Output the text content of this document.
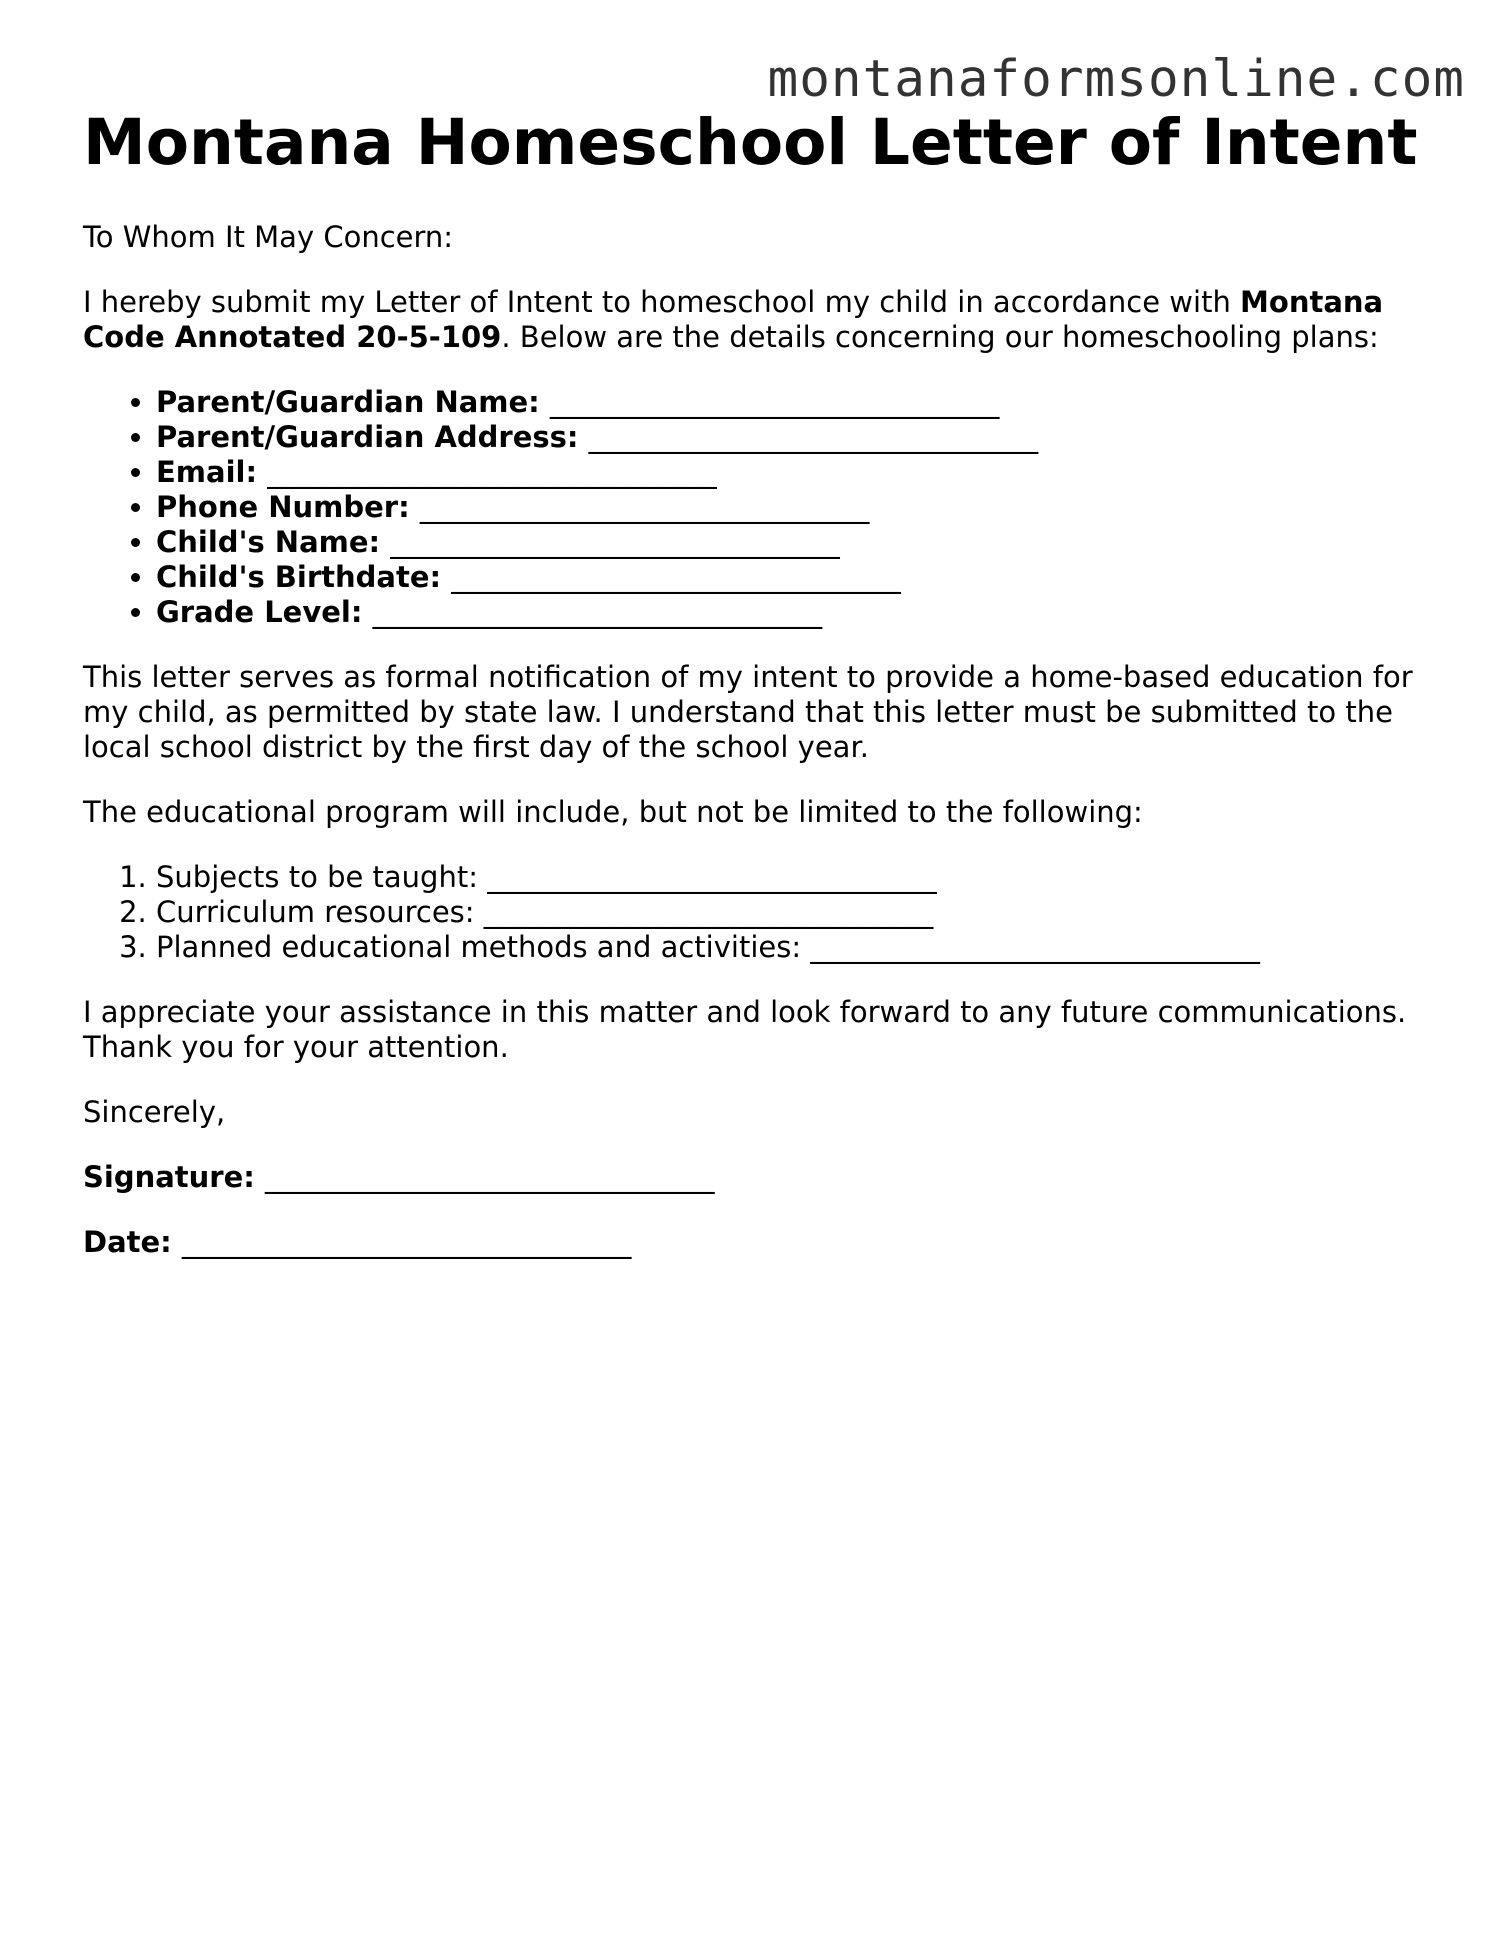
montanaformsonline.com
Montana Homeschool Letter of Intent

To Whom It May Concern:

I hereby submit my Letter of Intent to homeschool my child in accordance with Montana Code Annotated 20-5-109. Below are the details concerning our homeschooling plans:

• Parent/Guardian Name: _______________________________
• Parent/Guardian Address: _______________________________
• Email: _______________________________
• Phone Number: _______________________________
• Child's Name: _______________________________
• Child's Birthdate: _______________________________
• Grade Level: _______________________________

This letter serves as formal notification of my intent to provide a home-based education for my child, as permitted by state law. I understand that this letter must be submitted to the local school district by the first day of the school year.

The educational program will include, but not be limited to the following:

1. Subjects to be taught: _______________________________
2. Curriculum resources: _______________________________
3. Planned educational methods and activities: _______________________________

I appreciate your assistance in this matter and look forward to any future communications. Thank you for your attention.

Sincerely,

Signature: _______________________________

Date: _______________________________
